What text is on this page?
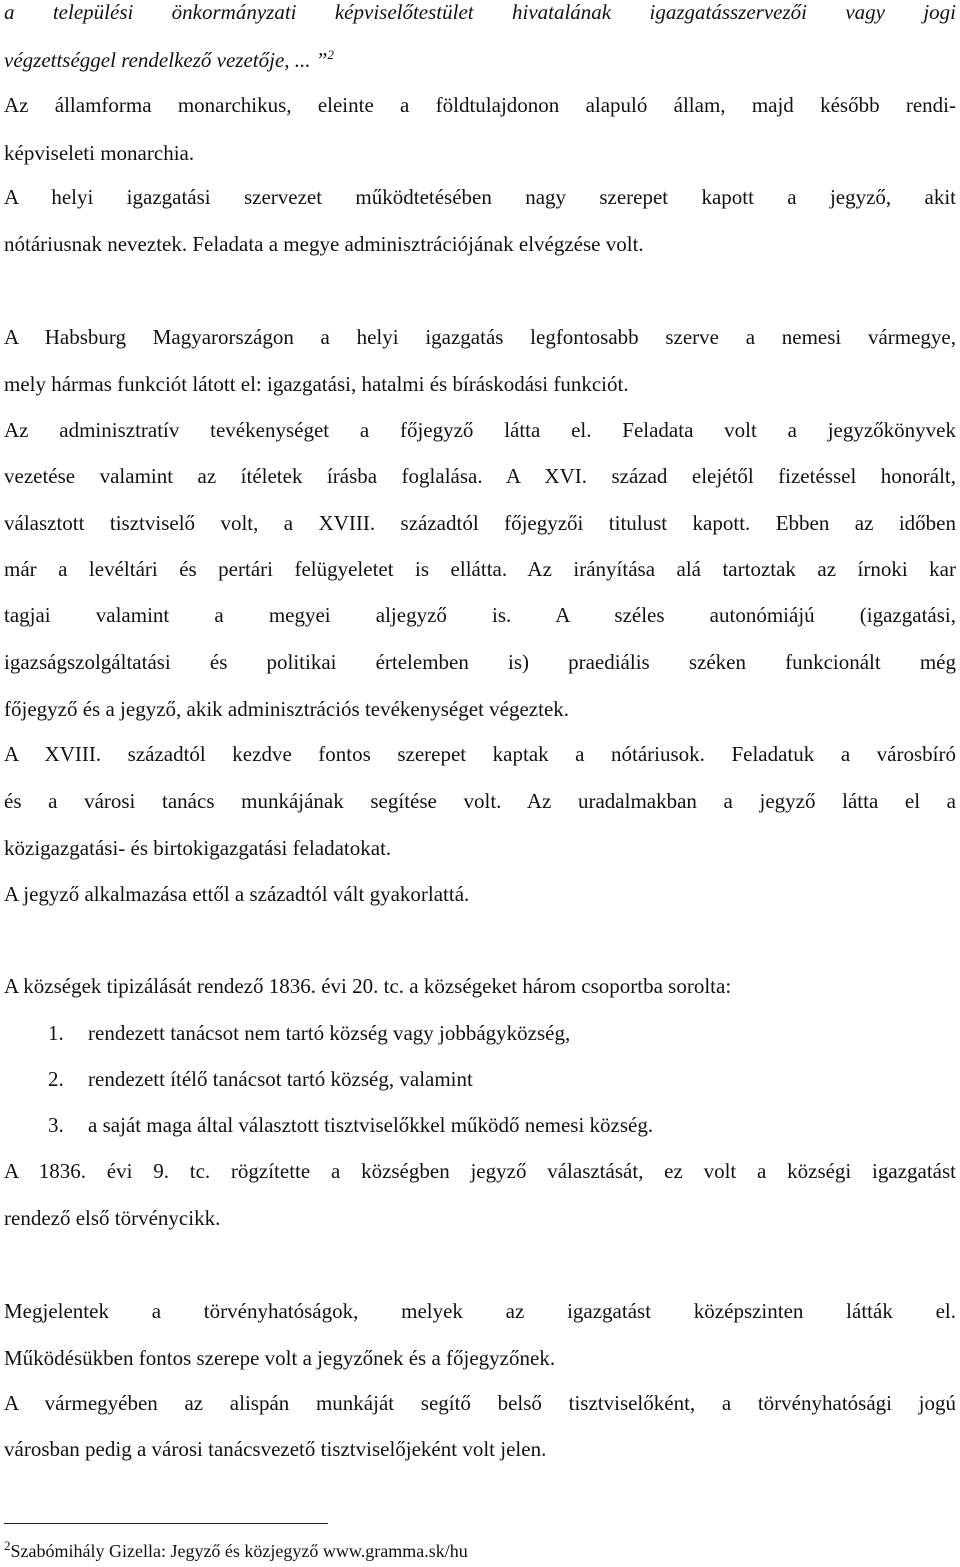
a települési önkormányzati képviselőtestület hivatalának igazgatásszervezői vagy jogi
végzettséggel rendelkező vezetője, ... ”$^2$
Az államforma monarchikus, eleinte a földtulajdonon alapuló állam, majd később rendi-
képviseleti monarchia.
A helyi igazgatási szervezet működtetésében nagy szerepet kapott a jegyző, akit
nótáriusnak neveztek. Feladata a megye adminisztrációjának elvégzése volt.
A Habsburg Magyarországon a helyi igazgatás legfontosabb szerve a nemesi vármegye,
mely hármas funkciót látott el: igazgatási, hatalmi és bíráskodási funkciót.
Az adminisztratív tevékenységet a főjegyző látta el. Feladata volt a jegyzőkönyvek
vezetése valamint az ítéletek írásba foglalása. A XVI. század elejétől fizetéssel honorált,
választott tisztviselő volt, a XVIII. századtól főjegyzői titulust kapott. Ebben az időben
már a levéltári és pertári felügyeletet is ellátta. Az irányítása alá tartoztak az írnoki kar
tagjai valamint a megyei aljegyző is. A széles autonómiájú (igazgatási,
igazságszolgáltatási és politikai értelemben is) praediális széken funkcionált még
főjegyző és a jegyző, akik adminisztrációs tevékenységet végeztek.
A XVIII. századtól kezdve fontos szerepet kaptak a nótáriusok. Feladatuk a városbíró
és a városi tanács munkájának segítése volt. Az uradalmakban a jegyző látta el a
közigazgatási- és birtokigazgatási feladatokat.
A jegyző alkalmazása ettől a századtól vált gyakorlattá.
A községek tipizálását rendező 1836. évi 20. tc. a községeket három csoportba sorolta:
1.	rendezett tanácsot nem tartó község vagy jobbágyközség,
2.	rendezett ítélő tanácsot tartó község, valamint
3.	a saját maga által választott tisztviselőkkel működő nemesi község.
A 1836. évi 9. tc. rögzítette a községben jegyző választását, ez volt a községi igazgatást
rendező első törvénycikk.
Megjelentek a törvényhatóságok, melyek az igazgatást középszinten látták el.
Működésükben fontos szerepe volt a jegyzőnek és a főjegyzőnek.
A vármegyében az alispán munkáját segítő belső tisztviselőként, a törvényhatósági jogú
városban pedig a városi tanácsvezető tisztviselőjeként volt jelen.
$^2$Szabómihály Gizella: Jegyző és közjegyző www.gramma.sk/hu
